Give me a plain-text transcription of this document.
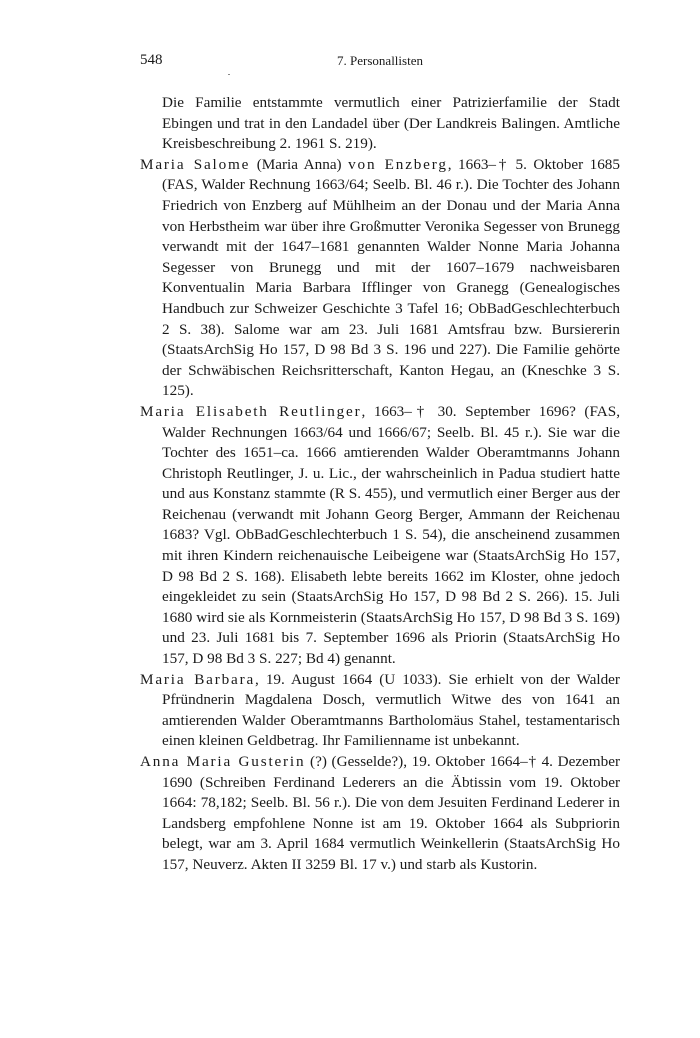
548	7. Personallisten

Die Familie entstammte vermutlich einer Patrizierfamilie der Stadt Ebingen und trat in den Landadel über (Der Landkreis Balingen. Amtliche Kreisbeschreibung 2. 1961 S. 219).

Maria Salome (Maria Anna) von Enzberg, 1663–† 5. Oktober 1685 (FAS, Walder Rechnung 1663/64; Seelb. Bl. 46 r.). Die Tochter des Johann Friedrich von Enzberg auf Mühlheim an der Donau und der Maria Anna von Herbstheim war über ihre Großmutter Veronika Segesser von Brunegg verwandt mit der 1647–1681 genannten Walder Nonne Maria Johanna Segesser von Brunegg und mit der 1607–1679 nachweisbaren Konventualin Maria Barbara Ifflinger von Granegg (Genealogisches Handbuch zur Schweizer Geschichte 3 Tafel 16; ObBadGeschlechterbuch 2 S. 38). Salome war am 23. Juli 1681 Amtsfrau bzw. Bursiererin (StaatsArchSig Ho 157, D 98 Bd 3 S. 196 und 227). Die Familie gehörte der Schwäbischen Reichsritterschaft, Kanton Hegau, an (Kneschke 3 S. 125).

Maria Elisabeth Reutlinger, 1663–† 30. September 1696? (FAS, Walder Rechnungen 1663/64 und 1666/67; Seelb. Bl. 45 r.). Sie war die Tochter des 1651–ca. 1666 amtierenden Walder Oberamtmanns Johann Christoph Reutlinger, J. u. Lic., der wahrscheinlich in Padua studiert hatte und aus Konstanz stammte (R S. 455), und vermutlich einer Berger aus der Reichenau (verwandt mit Johann Georg Berger, Ammann der Reichenau 1683? Vgl. ObBadGeschlechterbuch 1 S. 54), die anscheinend zusammen mit ihren Kindern reichenauische Leibeigene war (StaatsArchSig Ho 157, D 98 Bd 2 S. 168). Elisabeth lebte bereits 1662 im Kloster, ohne jedoch eingekleidet zu sein (StaatsArchSig Ho 157, D 98 Bd 2 S. 266). 15. Juli 1680 wird sie als Kornmeisterin (StaatsArchSig Ho 157, D 98 Bd 3 S. 169) und 23. Juli 1681 bis 7. September 1696 als Priorin (StaatsArchSig Ho 157, D 98 Bd 3 S. 227; Bd 4) genannt.

Maria Barbara, 19. August 1664 (U 1033). Sie erhielt von der Walder Pfründnerin Magdalena Dosch, vermutlich Witwe des von 1641 an amtierenden Walder Oberamtmanns Bartholomäus Stahel, testamentarisch einen kleinen Geldbetrag. Ihr Familienname ist unbekannt.

Anna Maria Gusterin (?) (Gesselde?), 19. Oktober 1664–† 4. Dezember 1690 (Schreiben Ferdinand Lederers an die Äbtissin vom 19. Oktober 1664: 78,182; Seelb. Bl. 56 r.). Die von dem Jesuiten Ferdinand Lederer in Landsberg empfohlene Nonne ist am 19. Oktober 1664 als Subpriorin belegt, war am 3. April 1684 vermutlich Weinkellerin (StaatsArchSig Ho 157, Neuverz. Akten II 3259 Bl. 17 v.) und starb als Kustorin.
